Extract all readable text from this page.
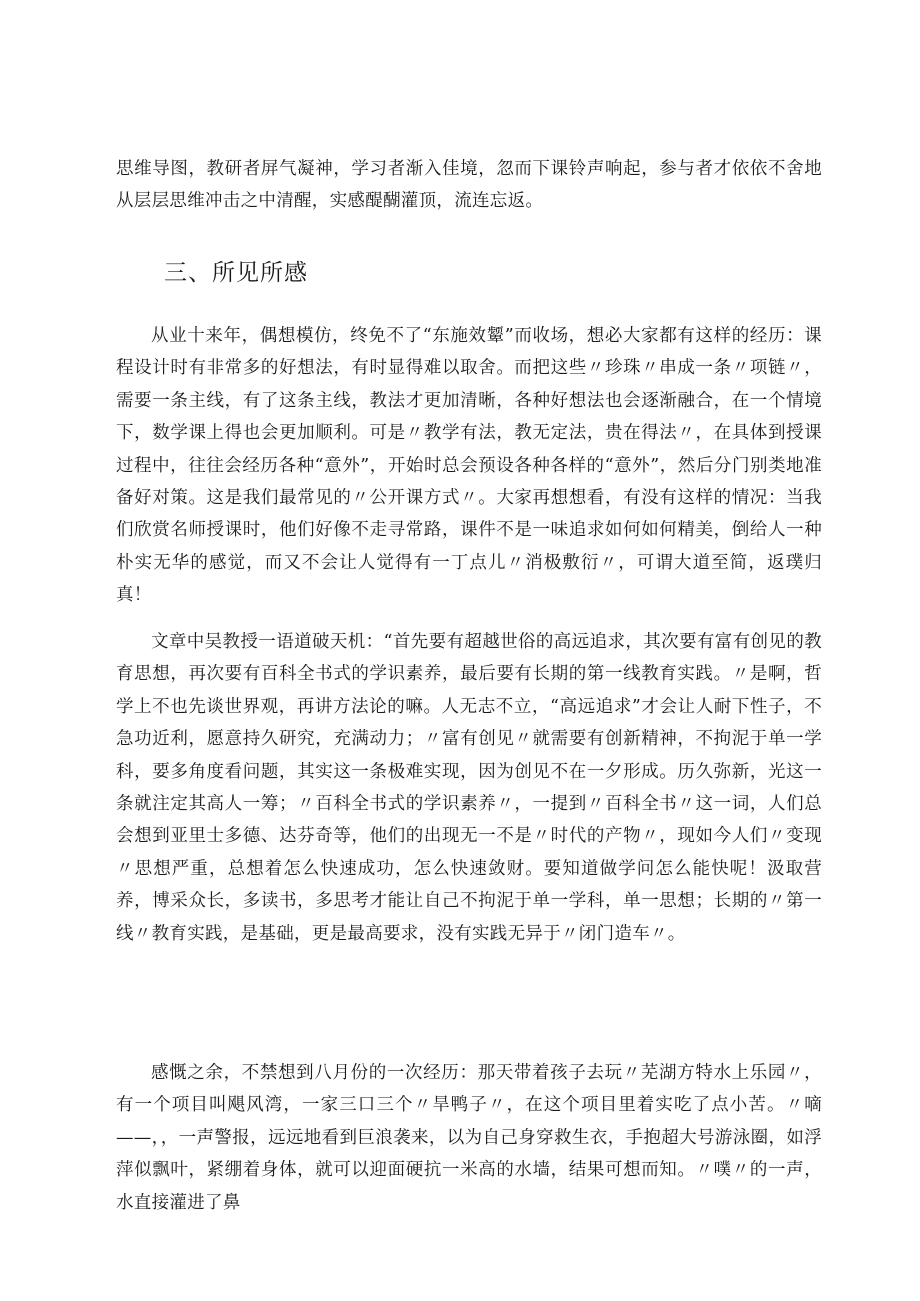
思维导图，教研者屏气凝神，学习者渐入佳境，忽而下课铃声响起，参与者才依依不舍地从层层思维冲击之中清醒，实感醍醐灌顶，流连忘返。

三、所见所感

从业十来年，偶想模仿，终免不了“东施效颦”而收场，想必大家都有这样的经历：课程设计时有非常多的好想法，有时显得难以取舍。而把这些〃珍珠〃串成一条〃项链〃，需要一条主线，有了这条主线，教法才更加清晰，各种好想法也会逐渐融合，在一个情境下，数学课上得也会更加顺利。可是〃教学有法，教无定法，贵在得法〃，在具体到授课过程中，往往会经历各种“意外”，开始时总会预设各种各样的“意外”，然后分门别类地准备好对策。这是我们最常见的〃公开课方式〃。大家再想想看，有没有这样的情况：当我们欣赏名师授课时，他们好像不走寻常路，课件不是一味追求如何如何精美，倒给人一种朴实无华的感觉，而又不会让人觉得有一丁点儿〃消极敷衍〃，可谓大道至简，返璞归真！

文章中吴教授一语道破天机：“首先要有超越世俗的高远追求，其次要有富有创见的教育思想，再次要有百科全书式的学识素养，最后要有长期的第一线教育实践。〃是啊，哲学上不也先谈世界观，再讲方法论的嘛。人无志不立，“高远追求”才会让人耐下性子，不急功近利，愿意持久研究，充满动力；〃富有创见〃就需要有创新精神，不拘泥于单一学科，要多角度看问题，其实这一条极难实现，因为创见不在一夕形成。历久弥新，光这一条就注定其高人一筹；〃百科全书式的学识素养〃，一提到〃百科全书〃这一词，人们总会想到亚里士多德、达芬奇等，他们的出现无一不是〃时代的产物〃，现如今人们〃变现〃思想严重，总想着怎么快速成功，怎么快速敛财。要知道做学问怎么能快呢！汲取营养，博采众长，多读书，多思考才能让自己不拘泥于单一学科，单一思想；长期的〃第一线〃教育实践，是基础，更是最高要求，没有实践无异于〃闭门造车〃。

感慨之余，不禁想到八月份的一次经历：那天带着孩子去玩〃芜湖方特水上乐园〃，有一个项目叫飓风湾，一家三口三个〃旱鸭子〃，在这个项目里着实吃了点小苦。〃嘀——，，一声警报，远远地看到巨浪袭来，以为自己身穿救生衣，手抱超大号游泳圈，如浮萍似飘叶，紧绷着身体，就可以迎面硬抗一米高的水墙，结果可想而知。〃噗〃的一声，水直接灌进了鼻
